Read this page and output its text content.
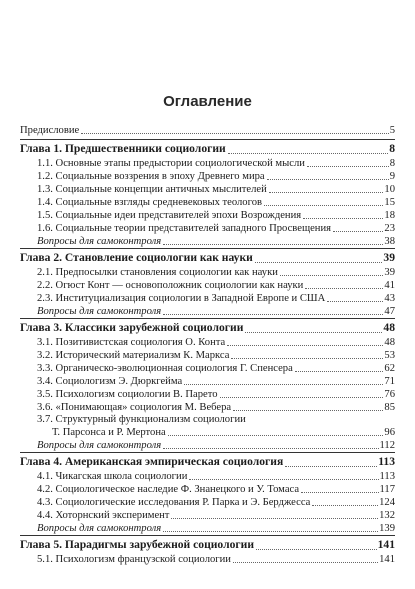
Оглавление
Предисловие	5
Глава 1. Предшественники социологии	8
1.1. Основные этапы предыстории социологической мысли	8
1.2. Социальные воззрения в эпоху Древнего мира	9
1.3. Социальные концепции античных мыслителей	10
1.4. Социальные взгляды средневековых теологов	15
1.5. Социальные идеи представителей эпохи Возрождения	18
1.6. Социальные теории представителей западного Просвещения	23
Вопросы для самоконтроля	38
Глава 2. Становление социологии как науки	39
2.1. Предпосылки становления социологии как науки	39
2.2. Огюст Конт — основоположник социологии как науки	41
2.3. Институциализация социологии в Западной Европе и США	43
Вопросы для самоконтроля	47
Глава 3. Классики зарубежной социологии	48
3.1. Позитивистская социология О. Конта	48
3.2. Исторический материализм К. Маркса	53
3.3. Органическо-эволюционная социология Г. Спенсера	62
3.4. Социологизм Э. Дюркгейма	71
3.5. Психологизм социологии В. Парето	76
3.6. «Понимающая» социология М. Вебера	85
3.7. Структурный функционализм социологии
Т. Парсонса и Р. Мертона	96
Вопросы для самоконтроля	112
Глава 4. Американская эмпирическая социология	113
4.1. Чикагская школа социологии	113
4.2. Социологическое наследие Ф. Знанецкого и У. Томаса	117
4.3. Социологические исследования Р. Парка и Э. Берджесса	124
4.4. Хоторнский эксперимент	132
Вопросы для самоконтроля	139
Глава 5. Парадигмы зарубежной социологии	141
5.1. Психологизм французской социологии	141
